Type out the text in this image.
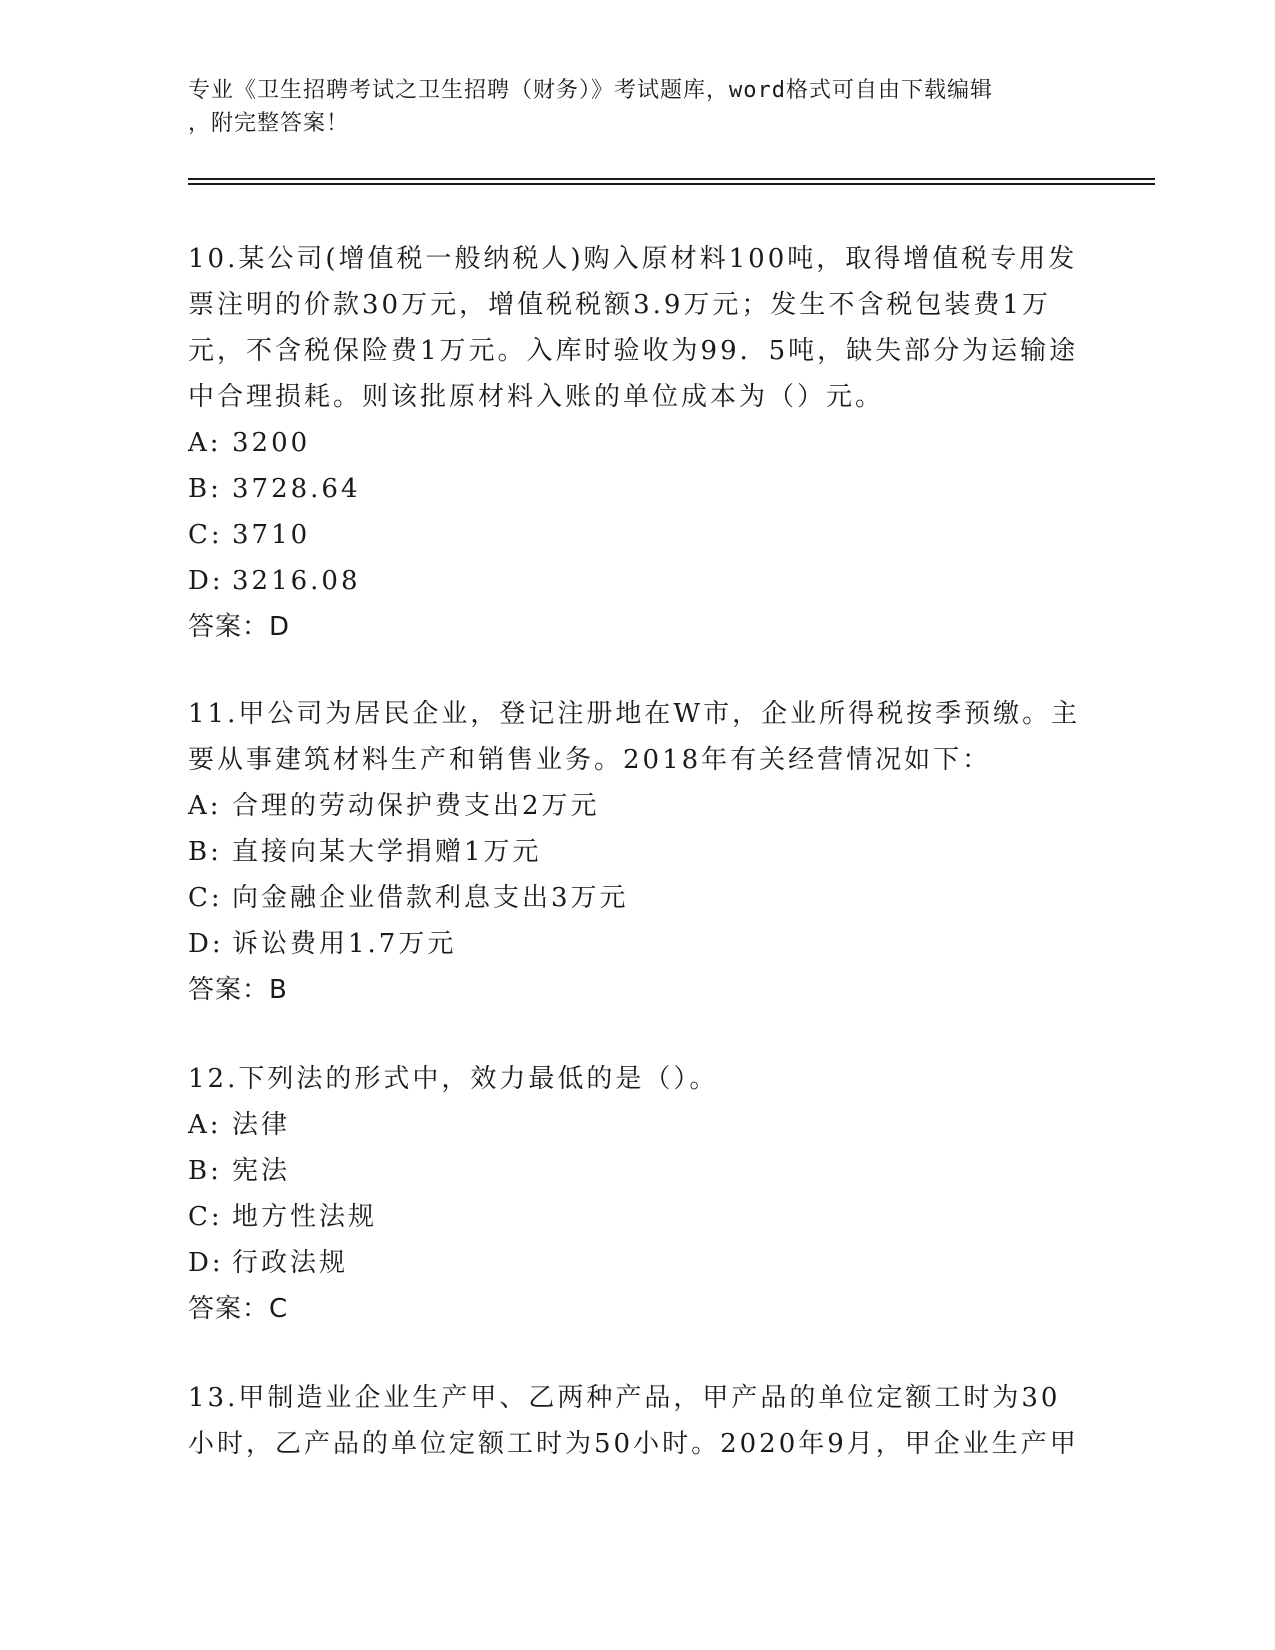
专业《卫生招聘考试之卫生招聘（财务）》考试题库，word格式可自由下载编辑
，附完整答案！

10.某公司(增值税一般纳税人)购入原材料100吨，取得增值税专用发票注明的价款30万元，增值税税额3.9万元；发生不含税包装费1万元，不含税保险费1万元。入库时验收为99．5吨，缺失部分为运输途中合理损耗。则该批原材料入账的单位成本为（）元。

A: 3200
B: 3728.64
C: 3710
D: 3216.08
答案：D

11.甲公司为居民企业，登记注册地在W市，企业所得税按季预缴。主要从事建筑材料生产和销售业务。2018年有关经营情况如下：

A: 合理的劳动保护费支出2万元
B: 直接向某大学捐赠1万元
C: 向金融企业借款利息支出3万元
D: 诉讼费用1.7万元
答案：B

12.下列法的形式中，效力最低的是（）。

A: 法律
B: 宪法
C: 地方性法规
D: 行政法规
答案：C

13.甲制造业企业生产甲、乙两种产品，甲产品的单位定额工时为30小时，乙产品的单位定额工时为50小时。2020年9月，甲企业生产甲
